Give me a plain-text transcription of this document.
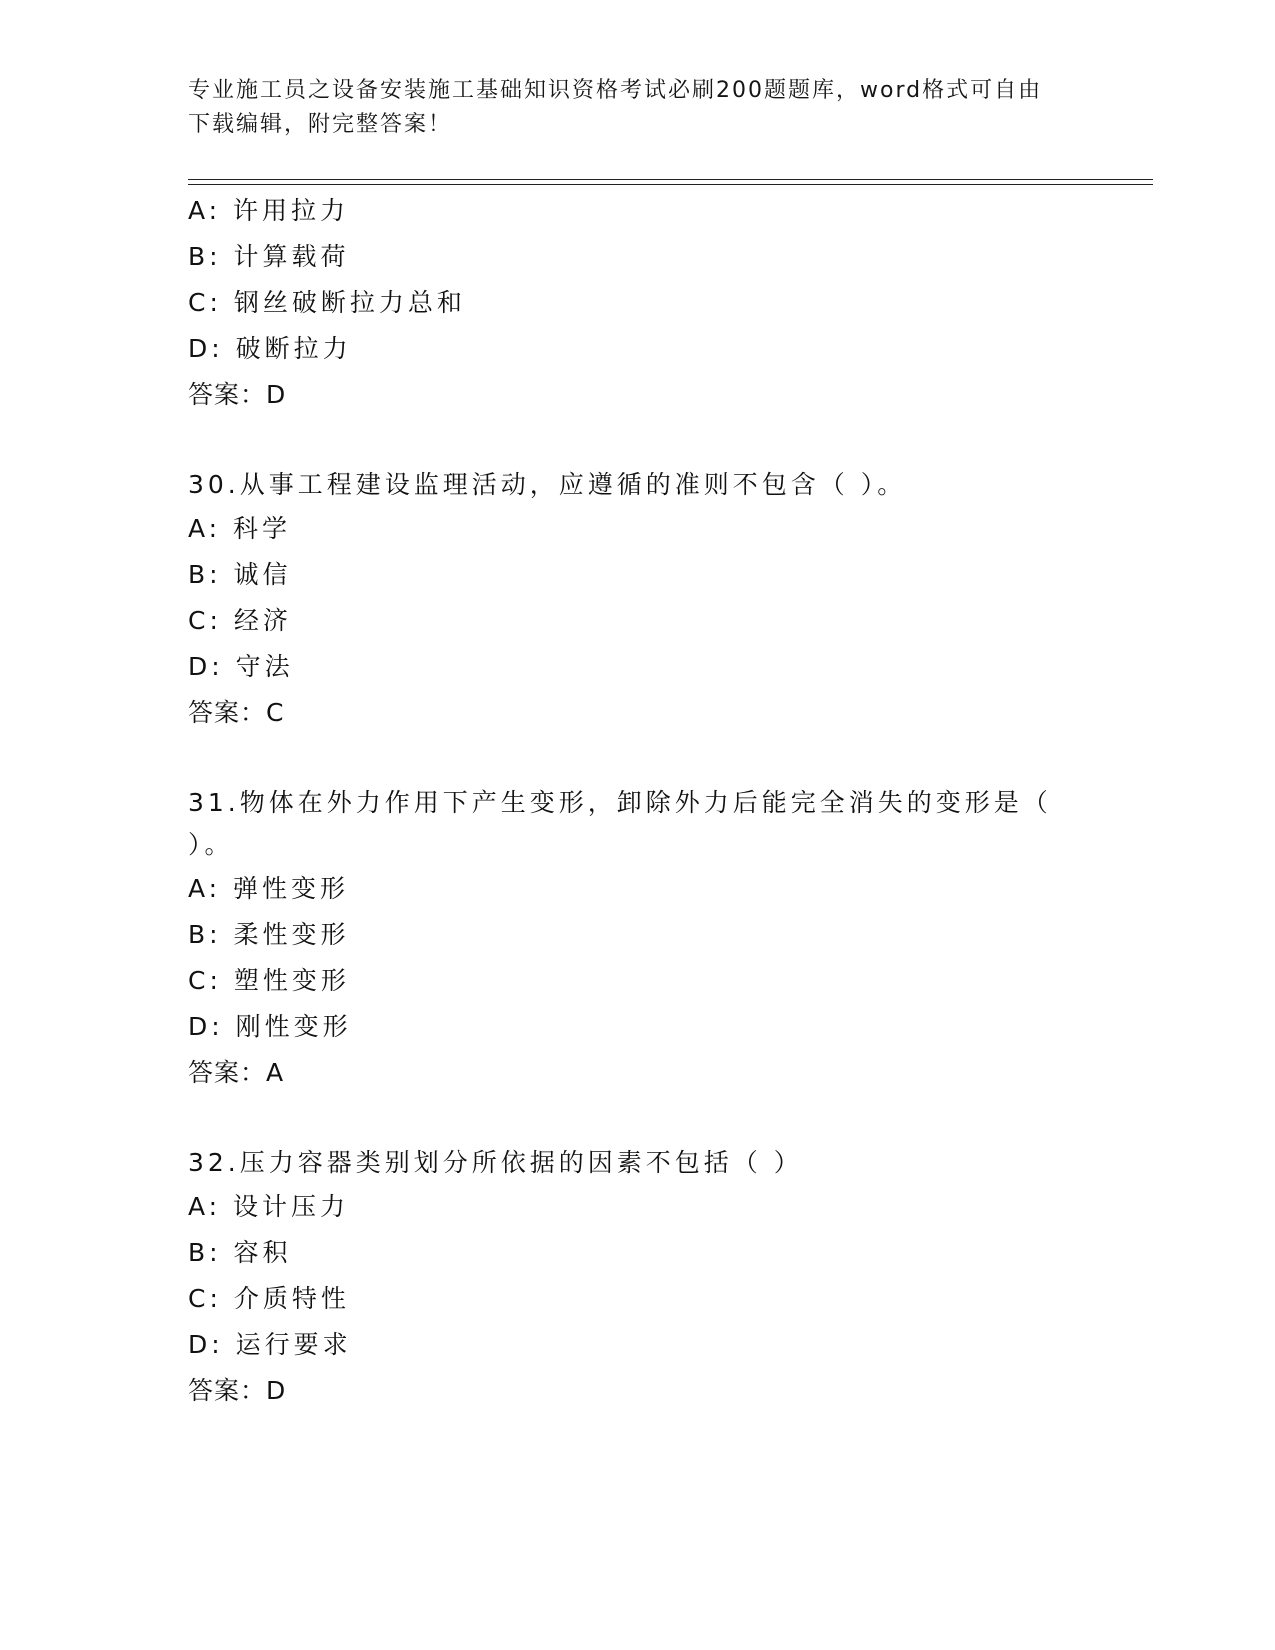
专业施工员之设备安装施工基础知识资格考试必刷200题题库，word格式可自由
下载编辑，附完整答案！
A: 许用拉力
B: 计算载荷
C: 钢丝破断拉力总和
D: 破断拉力
答案：D
30.从事工程建设监理活动，应遵循的准则不包含（ ）。
A: 科学
B: 诚信
C: 经济
D: 守法
答案：C
31.物体在外力作用下产生变形，卸除外力后能完全消失的变形是（ ）。
A: 弹性变形
B: 柔性变形
C: 塑性变形
D: 刚性变形
答案：A
32.压力容器类别划分所依据的因素不包括（ ）
A: 设计压力
B: 容积
C: 介质特性
D: 运行要求
答案：D
